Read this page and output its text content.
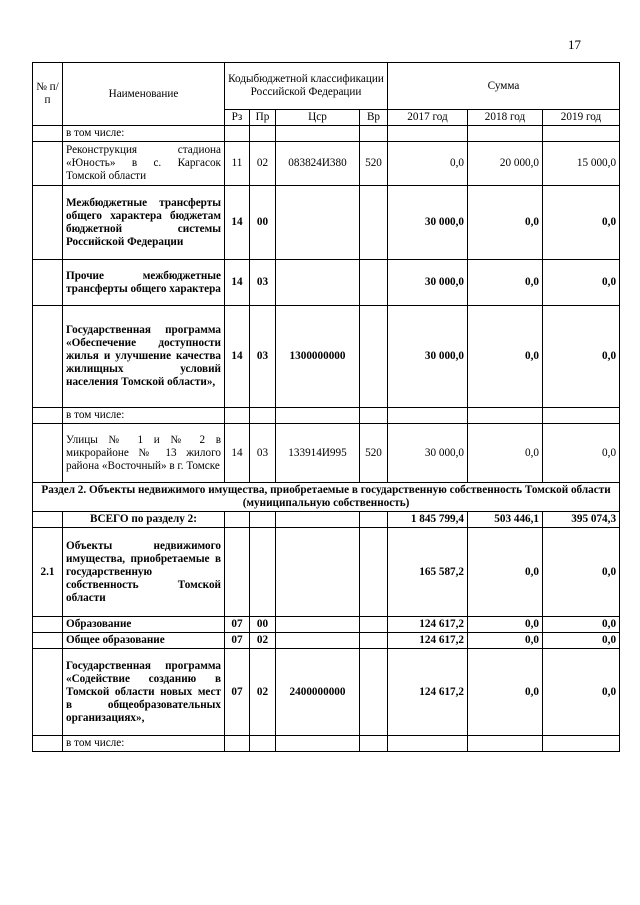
17
№ п/п	Наименование	Кодыбюджетной классификации Российской Федерации				Сумма		
		Рз	Пр	Цср	Вр	2017 год	2018 год	2019 год
	в том числе:							
	Реконструкция стадиона «Юность» в с. Каргасок Томской области	11	02	083824И380	520	0,0	20 000,0	15 000,0
	Межбюджетные трансферты общего характера бюджетам бюджетной системы Российской Федерации	14	00			30 000,0	0,0	0,0
	Прочие межбюджетные трансферты общего характера	14	03			30 000,0	0,0	0,0
	Государственная программа «Обеспечение доступности жилья и улучшение качества жилищных условий населения Томской области»,	14	03	1300000000		30 000,0	0,0	0,0
	в том числе:							
	Улицы № 1 и № 2 в микрорайоне № 13 жилого района «Восточный» в г. Томске	14	03	133914И995	520	30 000,0	0,0	0,0
Раздел 2. Объекты недвижимого имущества, приобретаемые в государственную собственность Томской области (муниципальную собственность)								
	ВСЕГО по разделу 2:					1 845 799,4	503 446,1	395 074,3
2.1	Объекты недвижимого имущества, приобретаемые в государственную собственность Томской области					165 587,2	0,0	0,0
	Образование	07	00			124 617,2	0,0	0,0
	Общее образование	07	02			124 617,2	0,0	0,0
	Государственная программа «Содействие созданию в Томской области новых мест в общеобразовательных организациях»,	07	02	2400000000		124 617,2	0,0	0,0
	в том числе:							
